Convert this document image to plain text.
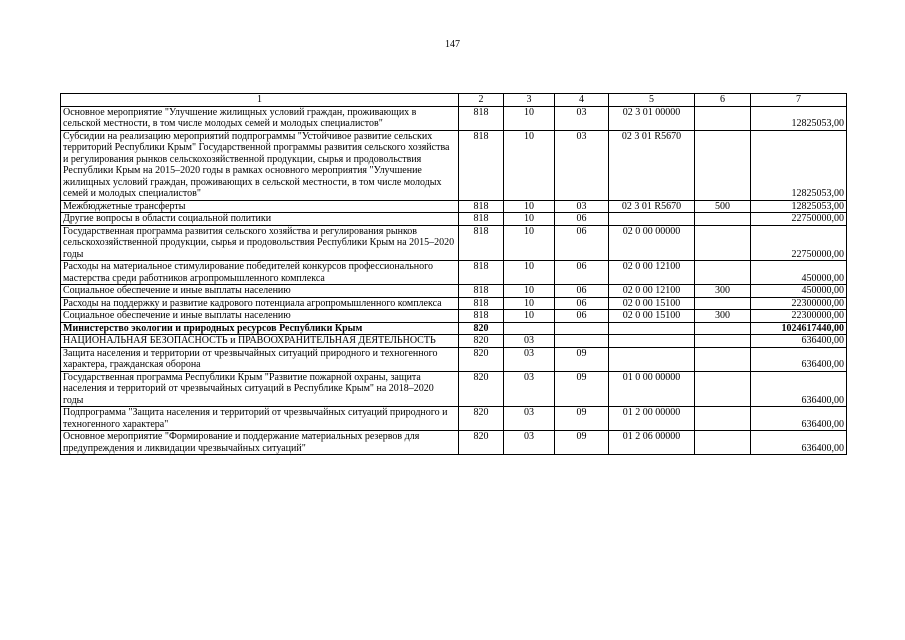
147
1	2	3	4	5	6	7
Основное мероприятие "Улучшение жилищных условий граждан, проживающих в сельской местности, в том числе молодых семей и молодых специалистов"	818	10	03	02 3 01 00000		12825053,00
Субсидии на реализацию мероприятий подпрограммы "Устойчивое развитие сельских территорий Республики Крым" Государственной программы развития сельского хозяйства и регулирования рынков сельскохозяйственной продукции, сырья и продовольствия Республики Крым на 2015–2020 годы в рамках основного мероприятия "Улучшение жилищных условий граждан, проживающих в сельской местности, в том числе молодых семей и молодых специалистов"	818	10	03	02 3 01 R5670		12825053,00
Межбюджетные трансферты	818	10	03	02 3 01 R5670	500	12825053,00
Другие вопросы в области социальной политики	818	10	06			22750000,00
Государственная программа развития сельского хозяйства и регулирования рынков сельскохозяйственной продукции, сырья и продовольствия Республики Крым на 2015–2020 годы	818	10	06	02 0 00 00000		22750000,00
Расходы на материальное стимулирование победителей конкурсов профессионального мастерства среди работников агропромышленного комплекса	818	10	06	02 0 00 12100		450000,00
Социальное обеспечение и иные выплаты населению	818	10	06	02 0 00 12100	300	450000,00
Расходы на поддержку и развитие кадрового потенциала агропромышленного комплекса	818	10	06	02 0 00 15100		22300000,00
Социальное обеспечение и иные выплаты населению	818	10	06	02 0 00 15100	300	22300000,00
Министерство экологии и природных ресурсов Республики Крым	820					1024617440,00
НАЦИОНАЛЬНАЯ БЕЗОПАСНОСТЬ и ПРАВООХРАНИТЕЛЬНАЯ ДЕЯТЕЛЬНОСТЬ	820	03				636400,00
Защита населения и территории от чрезвычайных ситуаций природного и техногенного характера, гражданская оборона	820	03	09			636400,00
Государственная программа Республики Крым "Развитие пожарной охраны, защита населения и территорий от чрезвычайных ситуаций в Республике Крым" на 2018–2020 годы	820	03	09	01 0 00 00000		636400,00
Подпрограмма "Защита населения и территорий от чрезвычайных ситуаций природного и техногенного характера"	820	03	09	01 2 00 00000		636400,00
Основное мероприятие "Формирование и поддержание материальных резервов для предупреждения и ликвидации чрезвычайных ситуаций"	820	03	09	01 2 06 00000		636400,00
